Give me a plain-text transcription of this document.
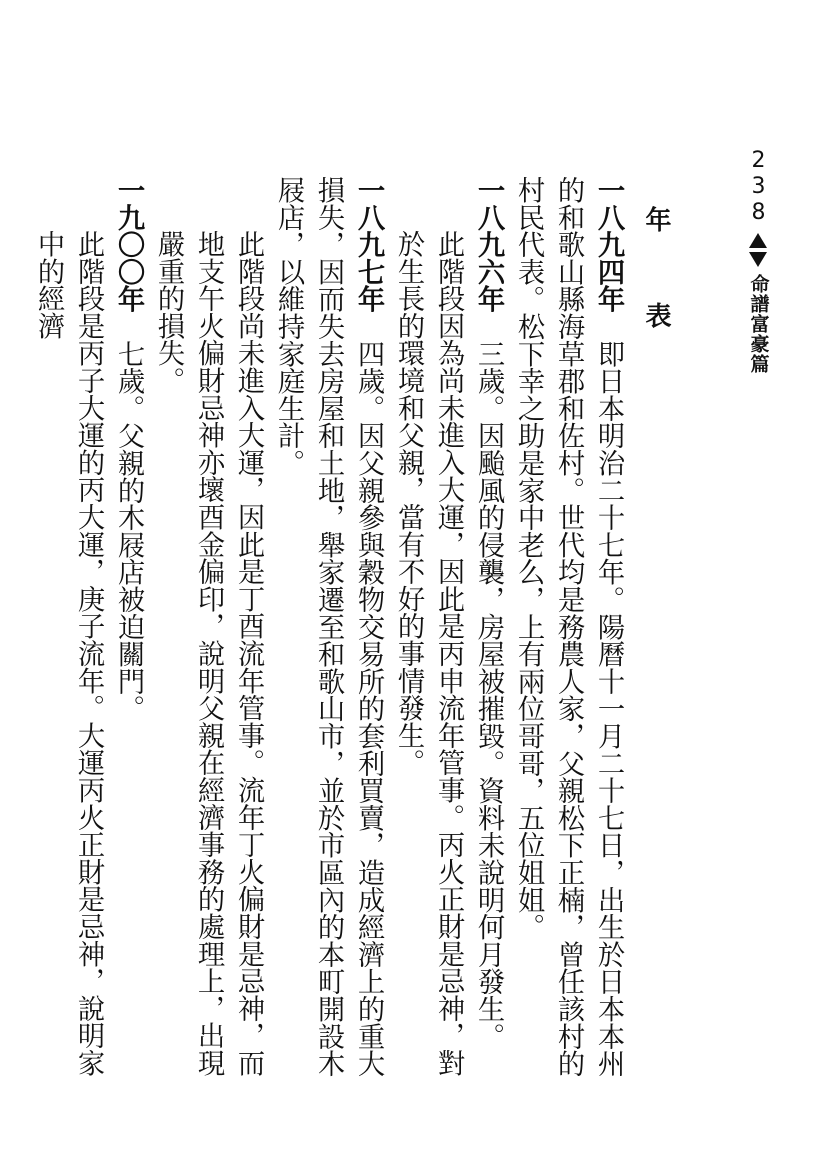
238
命譜富豪篇
年 表

一八九四年　即日本明治二十七年。陽曆十一月二十七日，出生於日本本州的和歌山縣海草郡和佐村。世代均是務農人家，父親松下正楠，曾任該村的村民代表。松下幸之助是家中老么，上有兩位哥哥，五位姐姐。

一八九六年　三歲。因颱風的侵襲，房屋被摧毀。資料未說明何月發生。

此階段因為尚未進入大運，因此是丙申流年管事。丙火正財是忌神，對於生長的環境和父親，當有不好的事情發生。

一八九七年　四歲。因父親參與穀物交易所的套利買賣，造成經濟上的重大損失，因而失去房屋和土地，舉家遷至和歌山市，並於市區內的本町開設木屐店，以維持家庭生計。

此階段尚未進入大運，因此是丁酉流年管事。流年丁火偏財是忌神，而地支午火偏財忌神亦壞酉金偏印，說明父親在經濟事務的處理上，出現嚴重的損失。

一九〇〇年　七歲。父親的木屐店被迫關門。

此階段是丙子大運的丙大運，庚子流年。大運丙火正財是忌神，說明家中的經濟
